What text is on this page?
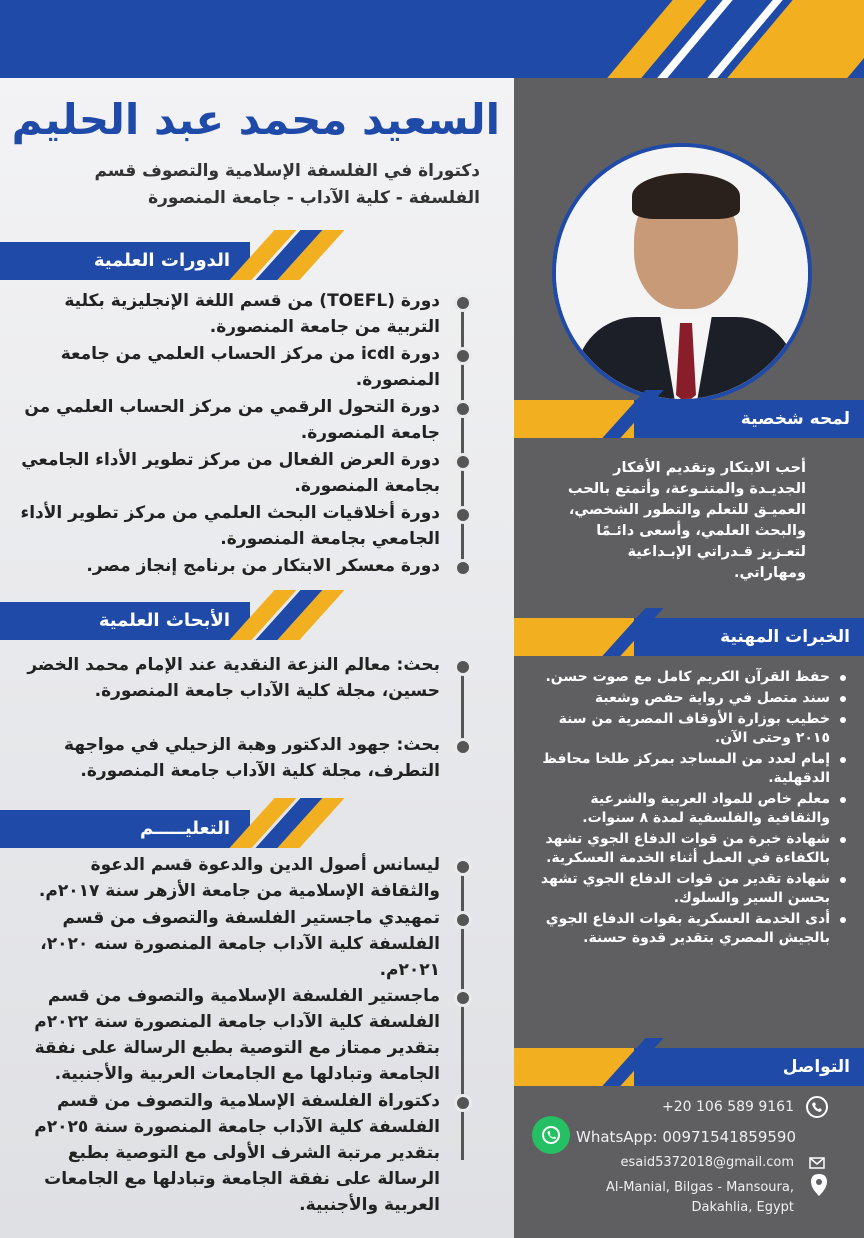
السعيد محمد عبد الحليم
دكتوراة في الفلسفة الإسلامية والتصوف قسم
الفلسفة - كلية الآداب - جامعة المنصورة
الدورات العلمية
دورة (TOEFL) من قسم اللغة الإنجليزية بكلية التربية من جامعة المنصورة.
دورة icdl من مركز الحساب العلمي من جامعة المنصورة.
دورة التحول الرقمي من مركز الحساب العلمي من جامعة المنصورة.
دورة العرض الفعال من مركز تطوير الأداء الجامعي بجامعة المنصورة.
دورة أخلاقيات البحث العلمي من مركز تطوير الأداء الجامعي بجامعة المنصورة.
دورة معسكر الابتكار من برنامج إنجاز مصر.
الأبحاث العلمية
بحث: معالم النزعة النقدية عند الإمام محمد الخضر حسين، مجلة كلية الآداب جامعة المنصورة.
بحث: جهود الدكتور وهبة الزحيلي في مواجهة التطرف، مجلة كلية الآداب جامعة المنصورة.
التعليـــــم
ليسانس أصول الدين والدعوة قسم الدعوة والثقافة الإسلامية من جامعة الأزهر سنة ٢٠١٧م.
تمهيدي ماجستير الفلسفة والتصوف من قسم الفلسفة كلية الآداب جامعة المنصورة سنه ٢٠٢٠، ٢٠٢١م.
ماجستير الفلسفة الإسلامية والتصوف من قسم الفلسفة كلية الآداب جامعة المنصورة سنة ٢٠٢٢م بتقدير ممتاز مع التوصية بطبع الرسالة على نفقة الجامعة وتبادلها مع الجامعات العربية والأجنبية.
دكتوراة الفلسفة الإسلامية والتصوف من قسم الفلسفة كلية الآداب جامعة المنصورة سنة ٢٠٢٥م بتقدير مرتبة الشرف الأولى مع التوصية بطبع الرسالة على نفقة الجامعة وتبادلها مع الجامعات العربية والأجنبية.
لمحه شخصية
أحب الابتكار وتقديم الأفكار الجديـدة والمتنـوعة، وأتمتع بالحب العميـق للتعلم والتطور الشخصي، والبحث العلمي، وأسعى دائـمًا لتعـزيز قـدراتي الإبـداعية ومهاراتي.
الخبرات المهنية
حفظ القرآن الكريم كامل مع صوت حسن.
سند متصل في رواية حفص وشعبة
خطيب بوزارة الأوقاف المصرية من سنة ٢٠١٥ وحتى الآن.
إمام لعدد من المساجد بمركز طلخا محافظ الدقهلية.
معلم خاص للمواد العربية والشرعية والثقافية والفلسفية لمدة ٨ سنوات.
شهادة خبرة من قوات الدفاع الجوي تشهد بالكفاءة في العمل أثناء الخدمة العسكرية.
شهادة تقدير من قوات الدفاع الجوي تشهد بحسن السير والسلوك.
أدى الخدمة العسكرية بقوات الدفاع الجوي بالجيش المصري بتقدير قدوة حسنة.
التواصل
+20 106 589 9161
WhatsApp: 00971541859590
esaid5372018@gmail.com
Al-Manial, Bilgas - Mansoura,
Dakahlia, Egypt
